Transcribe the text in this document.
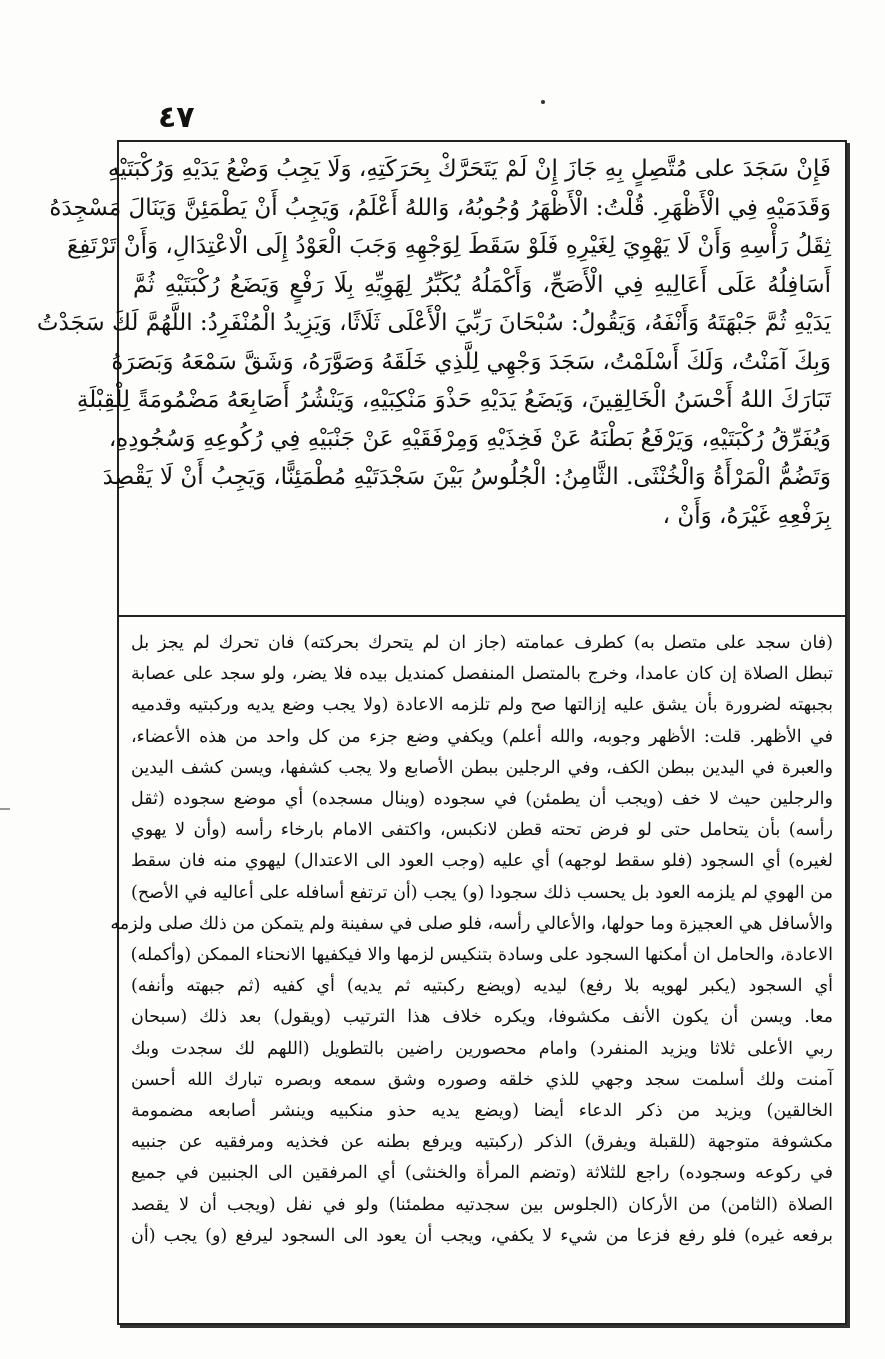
٤٧

فَإِنْ سَجَدَ على مُتَّصِلٍ بِهِ جَازَ إِنْ لَمْ يَتَحَرَّكْ بِحَرَكَتِهِ، وَلَا يَجِبُ وَضْعُ يَدَيْهِ وَرُكْبَتَيْهِ

وَقَدَمَيْهِ فِي الْأَظْهَرِ. قُلْتُ: الْأَظْهَرُ وُجُوبُهُ، وَاللهُ أَعْلَمُ، وَيَجِبُ أَنْ يَطْمَئِنَّ وَيَنَالَ مَسْجِدَهُ

ثِقَلُ رَأْسِهِ وَأَنْ لَا يَهْوِيَ لِغَيْرِهِ فَلَوْ سَقَطَ لِوَجْهِهِ وَجَبَ الْعَوْدُ إِلَى الْاعْتِدَالِ، وَأَنْ تَرْتَفِعَ

أَسَافِلُهُ عَلَى أَعَالِيهِ فِي الْأَصَحِّ، وَأَكْمَلُهُ يُكَبِّرُ لِهَوِيِّهِ بِلَا رَفْعٍ وَيَضَعُ رُكْبَتَيْهِ ثُمَّ

يَدَيْهِ ثُمَّ جَبْهَتَهُ وَأَنْفَهُ، وَيَقُولُ: سُبْحَانَ رَبِّيَ الْأَعْلَى ثَلَاثًا، وَيَزِيدُ الْمُنْفَرِدُ: اللَّهُمَّ لَكَ سَجَدْتُ

وَبِكَ آمَنْتُ، وَلَكَ أَسْلَمْتُ، سَجَدَ وَجْهِي لِلَّذِي خَلَقَهُ وَصَوَّرَهُ، وَشَقَّ سَمْعَهُ وَبَصَرَهُ

تَبَارَكَ اللهُ أَحْسَنُ الْخَالِقِينَ، وَيَضَعُ يَدَيْهِ حَذْوَ مَنْكِبَيْهِ، وَيَنْشُرُ أَصَابِعَهُ مَضْمُومَةً لِلْقِبْلَةِ

وَيُفَرِّقُ رُكْبَتَيْهِ، وَيَرْفَعُ بَطْنَهُ عَنْ فَخِذَيْهِ وَمِرْفَقَيْهِ عَنْ جَنْبَيْهِ فِي رُكُوعِهِ وَسُجُودِهِ،

وَتَضُمُّ الْمَرْأَةُ وَالْخُنْثَى. الثَّامِنُ: الْجُلُوسُ بَيْنَ سَجْدَتَيْهِ مُطْمَئِنًّا، وَيَجِبُ أَنْ لَا يَقْصِدَ

بِرَفْعِهِ غَيْرَهُ، وَأَنْ ،

(فان سجد على متصل به) كطرف عمامته (جاز ان لم يتحرك بحركته) فان تحرك لم يجز بل

تبطل الصلاة إن كان عامدا، وخرج بالمتصل المنفصل كمنديل بيده فلا يضر، ولو سجد على عصابة

بجبهته لضرورة بأن يشق عليه إزالتها صح ولم تلزمه الاعادة (ولا يجب وضع يديه وركبتيه وقدميه

في الأظهر. قلت: الأظهر وجوبه، والله أعلم) ويكفي وضع جزء من كل واحد من هذه الأعضاء،

والعبرة في اليدين ببطن الكف، وفي الرجلين ببطن الأصابع ولا يجب كشفها، ويسن كشف اليدين

والرجلين حيث لا خف (ويجب أن يطمئن) في سجوده (وينال مسجده) أي موضع سجوده (ثقل

رأسه) بأن يتحامل حتى لو فرض تحته قطن لانكبس، واكتفى الامام بارخاء رأسه (وأن لا يهوي

لغيره) أي السجود (فلو سقط لوجهه) أي عليه (وجب العود الى الاعتدال) ليهوي منه فان سقط

من الهوي لم يلزمه العود بل يحسب ذلك سجودا (و) يجب (أن ترتفع أسافله على أعاليه في الأصح)

والأسافل هي العجيزة وما حولها، والأعالي رأسه، فلو صلى في سفينة ولم يتمكن من ذلك صلى ولزمه

الاعادة، والحامل ان أمكنها السجود على وسادة بتنكيس لزمها والا فيكفيها الانحناء الممكن (وأكمله)

أي السجود (يكبر لهويه بلا رفع) ليديه (ويضع ركبتيه ثم يديه) أي كفيه (ثم جبهته وأنفه)

معا. ويسن أن يكون الأنف مكشوفا، ويكره خلاف هذا الترتيب (ويقول) بعد ذلك (سبحان

ربي الأعلى ثلاثا ويزيد المنفرد) وامام محصورين راضين بالتطويل (اللهم لك سجدت وبك

آمنت ولك أسلمت سجد وجهي للذي خلقه وصوره وشق سمعه وبصره تبارك الله أحسن

الخالقين) ويزيد من ذكر الدعاء أيضا (ويضع يديه حذو منكبيه وينشر أصابعه مضمومة

مكشوفة متوجهة (للقبلة ويفرق) الذكر (ركبتيه ويرفع بطنه عن فخذيه ومرفقيه عن جنبيه

في ركوعه وسجوده) راجع للثلاثة (وتضم المرأة والخنثى) أي المرفقين الى الجنبين في جميع

الصلاة (الثامن) من الأركان (الجلوس بين سجدتيه مطمئنا) ولو في نفل (ويجب أن لا يقصد

برفعه غيره) فلو رفع فزعا من شيء لا يكفي، ويجب أن يعود الى السجود ليرفع (و) يجب (أن
